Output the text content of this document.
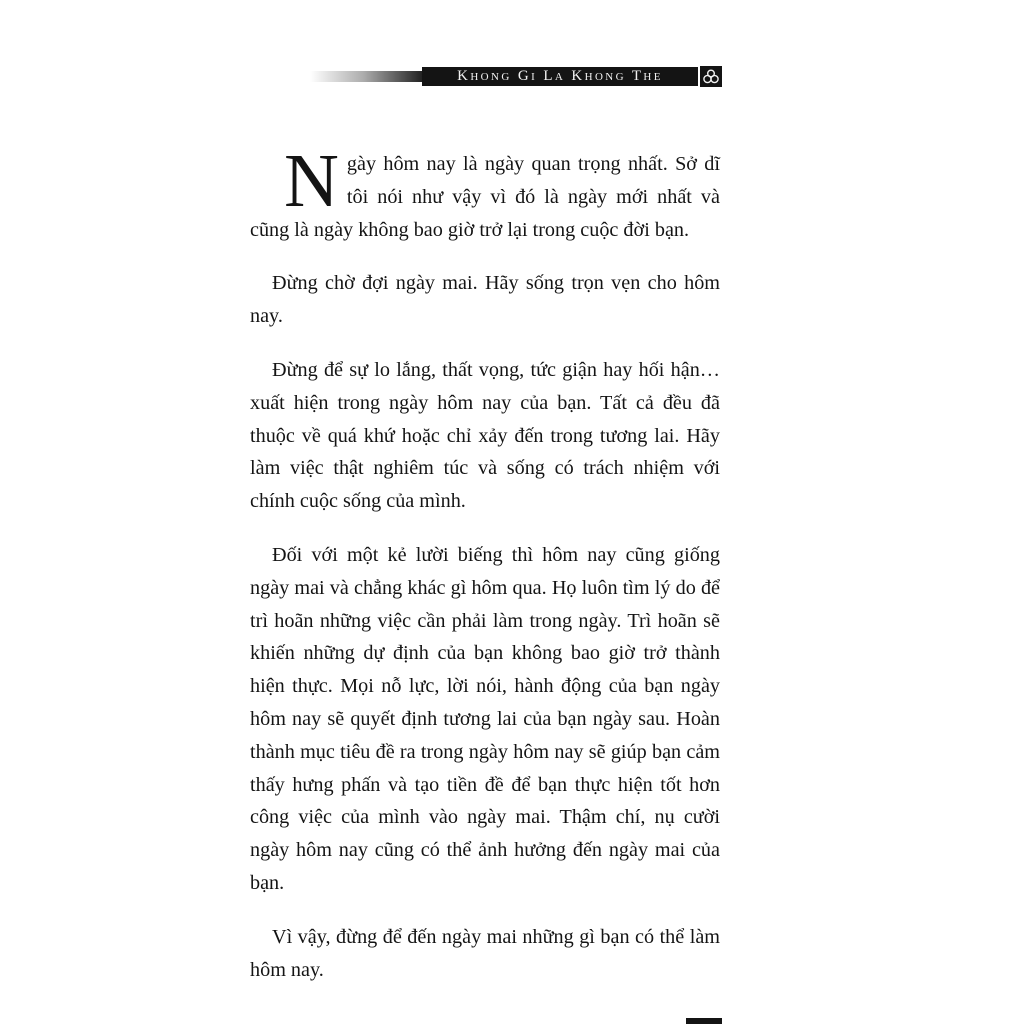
Khong Gi La Khong The

N gày hôm nay là ngày quan trọng nhất. Sở dĩ tôi nói như vậy vì đó là ngày mới nhất và cũng là ngày không bao giờ trở lại trong cuộc đời bạn.

Đừng chờ đợi ngày mai. Hãy sống trọn vẹn cho hôm nay.

Đừng để sự lo lắng, thất vọng, tức giận hay hối hận… xuất hiện trong ngày hôm nay của bạn. Tất cả đều đã thuộc về quá khứ hoặc chỉ xảy đến trong tương lai. Hãy làm việc thật nghiêm túc và sống có trách nhiệm với chính cuộc sống của mình.

Đối với một kẻ lười biếng thì hôm nay cũng giống ngày mai và chẳng khác gì hôm qua. Họ luôn tìm lý do để trì hoãn những việc cần phải làm trong ngày. Trì hoãn sẽ khiến những dự định của bạn không bao giờ trở thành hiện thực. Mọi nỗ lực, lời nói, hành động của bạn ngày hôm nay sẽ quyết định tương lai của bạn ngày sau. Hoàn thành mục tiêu đề ra trong ngày hôm nay sẽ giúp bạn cảm thấy hưng phấn và tạo tiền đề để bạn thực hiện tốt hơn công việc của mình vào ngày mai. Thậm chí, nụ cười ngày hôm nay cũng có thể ảnh hưởng đến ngày mai của bạn.

Vì vậy, đừng để đến ngày mai những gì bạn có thể làm hôm nay.
